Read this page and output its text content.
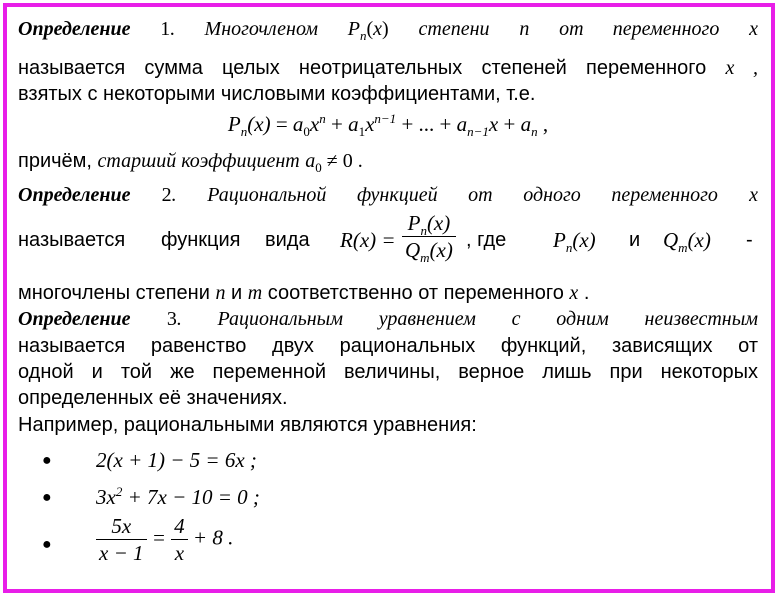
Определение 1. Многочленом $P_n(x)$ степени n от переменного x
называется сумма целых неотрицательных степеней переменного x ,
взятых с некоторыми числовыми коэффициентами, т.е.
$P_n(x) = a_0x^n + a_1x^{n-1}$ + ... + $a_{n-1}x + a_n$ ,
причём, старший коэффициент $a_0 \ne 0$ .
Определение 2. Рациональной функцией от одного переменного x
называется функция вида $R(x) = \frac{P_n(x)}{Q_m(x)}$ , где $P_n(x)$ и $Q_m(x)$ -
многочлены степени n и m соответственно от переменного x .
Определение 3. Рациональным уравнением с одним неизвестным
называется равенство двух рациональных функций, зависящих от
одной и той же переменной величины, верное лишь при некоторых
определенных её значениях.
Например, рациональными являются уравнения:
● 2(x + 1) − 5 = 6x ;
● $3x^2 + 7x - 10 = 0$ ;
● $\frac{5x}{x - 1} = \frac{4}{x} + 8$ .
